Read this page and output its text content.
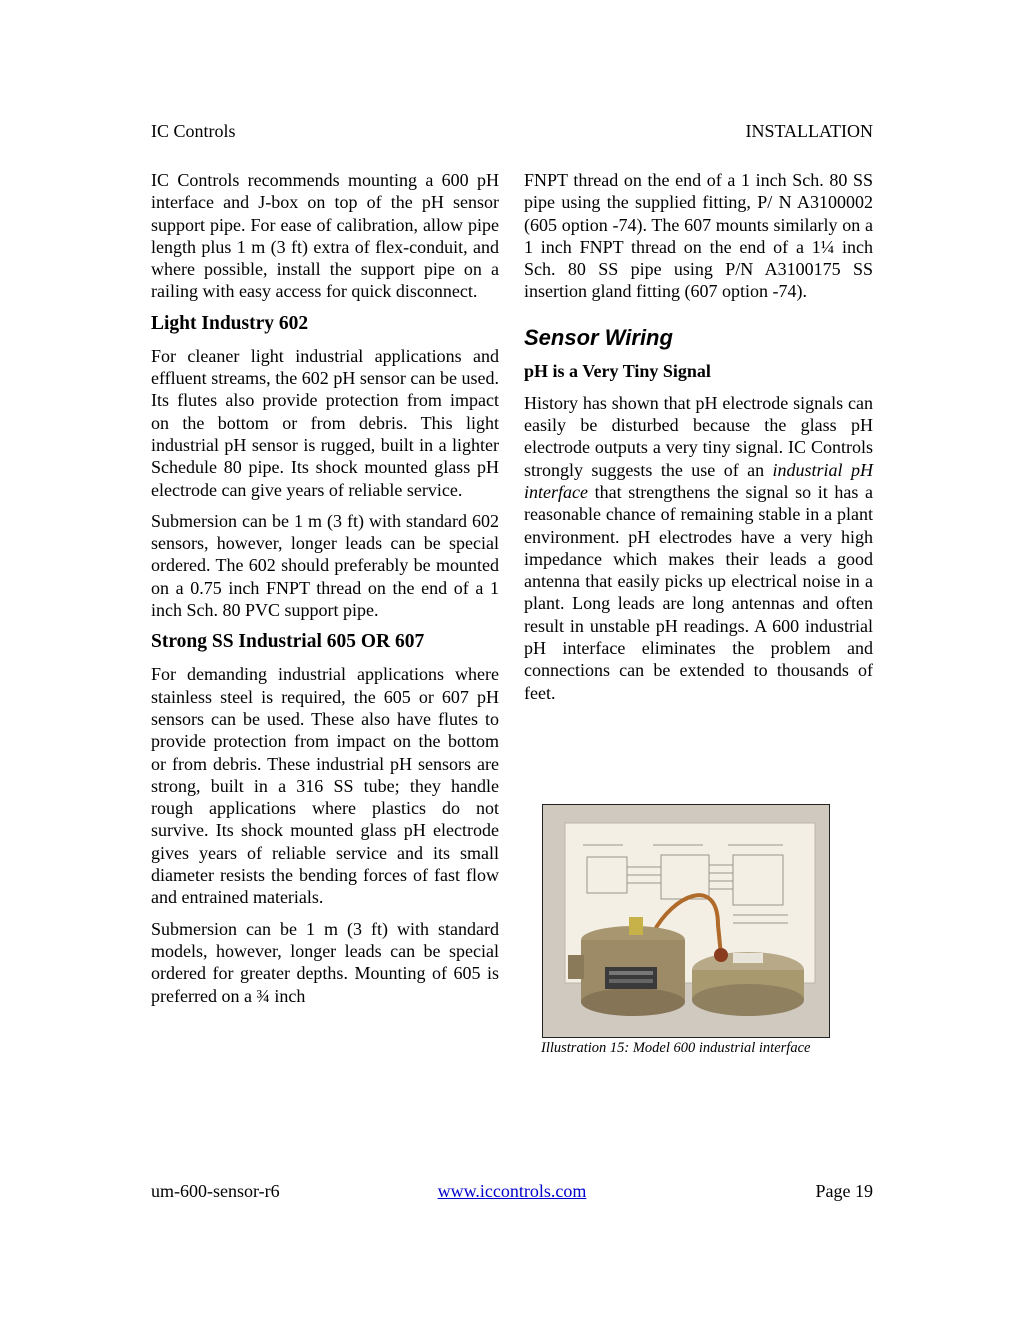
IC Controls	INSTALLATION

IC Controls recommends mounting a 600 pH interface and J-box on top of the pH sensor support pipe. For ease of calibration, allow pipe length plus 1 m (3 ft) extra of flex-conduit, and where possible, install the support pipe on a railing with easy access for quick disconnect.

Light Industry 602

For cleaner light industrial applications and effluent streams, the 602 pH sensor can be used. Its flutes also provide protection from impact on the bottom or from debris. This light industrial pH sensor is rugged, built in a lighter Schedule 80 pipe. Its shock mounted glass pH electrode can give years of reliable service.

Submersion can be 1 m (3 ft) with standard 602 sensors, however, longer leads can be special ordered. The 602 should preferably be mounted on a 0.75 inch FNPT thread on the end of a 1 inch Sch. 80 PVC support pipe.

Strong SS Industrial 605 OR 607

For demanding industrial applications where stainless steel is required, the 605 or 607 pH sensors can be used. These also have flutes to provide protection from impact on the bottom or from debris. These industrial pH sensors are strong, built in a 316 SS tube; they handle rough applications where plastics do not survive. Its shock mounted glass pH electrode gives years of reliable service and its small diameter resists the bending forces of fast flow and entrained materials.

Submersion can be 1 m (3 ft) with standard models, however, longer leads can be special ordered for greater depths. Mounting of 605 is preferred on a ¾ inch

FNPT thread on the end of a 1 inch Sch. 80 SS pipe using the supplied fitting, P/ N A3100002 (605 option -74). The 607 mounts similarly on a 1 inch FNPT thread on the end of a 1¼ inch Sch. 80 SS pipe using P/N A3100175 SS insertion gland fitting (607 option -74).

Sensor Wiring
pH is a Very Tiny Signal

History has shown that pH electrode signals can easily be disturbed because the glass pH electrode outputs a very tiny signal. IC Controls strongly suggests the use of an industrial pH interface that strengthens the signal so it has a reasonable chance of remaining stable in a plant environment. pH electrodes have a very high impedance which makes their leads a good antenna that easily picks up electrical noise in a plant. Long leads are long antennas and often result in unstable pH readings. A 600 industrial pH interface eliminates the problem and connections can be extended to thousands of feet.

Illustration 15: Model 600 industrial interface
um-600-sensor-r6	www.iccontrols.com	Page 19
